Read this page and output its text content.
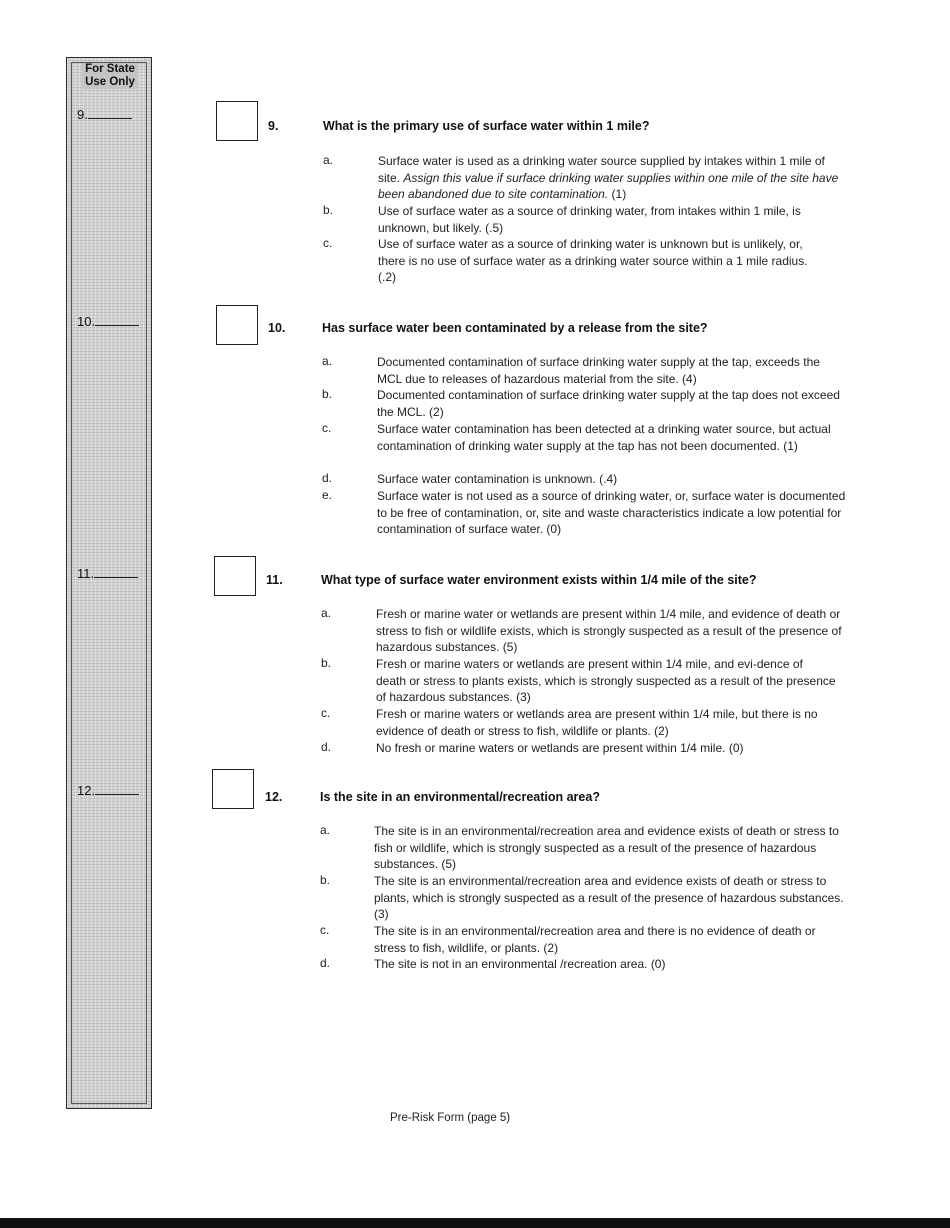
For State
Use Only
9.
10.
11.
12.
9.	What is the primary use of surface water within 1 mile?
a.	Surface water is used as a drinking water source supplied by intakes within 1 mile of site. Assign this value if surface drinking water supplies within one mile of the site have been abandoned due to site contamination. (1)
b.	Use of surface water as a source of drinking water, from intakes within 1 mile, is unknown, but likely. (.5)
c.	Use of surface water as a source of drinking water is unknown but is unlikely, or, there is no use of surface water as a drinking water source within a 1 mile radius. (.2)
10.	Has surface water been contaminated by a release from the site?
a.	Documented contamination of surface drinking water supply at the tap, exceeds the MCL due to releases of hazardous material from the site. (4)
b.	Documented contamination of surface drinking water supply at the tap does not exceed the MCL. (2)
c.	Surface water contamination has been detected at a drinking water source, but actual contamination of drinking water supply at the tap has not been documented. (1)
d.	Surface water contamination is unknown. (.4)
e.	Surface water is not used as a source of drinking water, or, surface water is documented to be free of contamination, or, site and waste characteristics indicate a low potential for contamination of surface water. (0)
11.	What type of surface water environment exists within 1/4 mile of the site?
a.	Fresh or marine water or wetlands are present within 1/4 mile, and evidence of death or stress to fish or wildlife exists, which is strongly suspected as a result of the presence of hazardous substances. (5)
b.	Fresh or marine waters or wetlands are present within 1/4 mile, and evi-dence of death or stress to plants exists, which is strongly suspected as a result of the presence of hazardous substances. (3)
c.	Fresh or marine waters or wetlands area are present within 1/4 mile, but there is no evidence of death or stress to fish, wildlife or plants. (2)
d.	No fresh or marine waters or wetlands are present within 1/4 mile. (0)
12.	Is the site in an environmental/recreation area?
a.	The site is in an environmental/recreation area and evidence exists of death or stress to fish or wildlife, which is strongly suspected as a result of the presence of hazardous substances. (5)
b.	The site is an environmental/recreation area and evidence exists of death or stress to plants, which is strongly suspected as a result of the presence of hazardous substances. (3)
c.	The site is in an environmental/recreation area and there is no evidence of death or stress to fish, wildlife, or plants. (2)
d.	The site is not in an environmental /recreation area. (0)
Pre-Risk Form (page 5)
